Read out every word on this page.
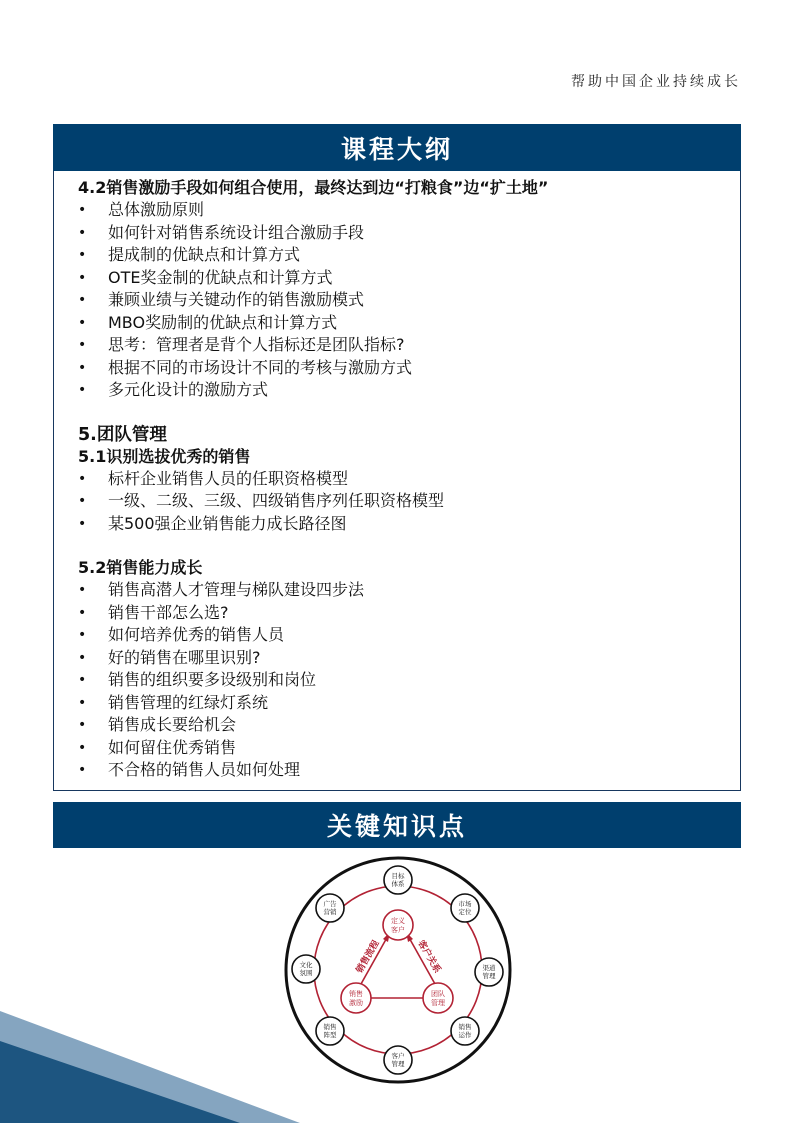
帮助中国企业持续成长
课程大纲
4.2销售激励手段如何组合使用，最终达到边“打粮食”边“扩土地”
• 总体激励原则
• 如何针对销售系统设计组合激励手段
• 提成制的优缺点和计算方式
• OTE奖金制的优缺点和计算方式
• 兼顾业绩与关键动作的销售激励模式
• MBO奖励制的优缺点和计算方式
• 思考：管理者是背个人指标还是团队指标?
• 根据不同的市场设计不同的考核与激励方式
• 多元化设计的激励方式
5.团队管理
5.1识别选拔优秀的销售
• 标杆企业销售人员的任职资格模型
• 一级、二级、三级、四级销售序列任职资格模型
• 某500强企业销售能力成长路径图
5.2销售能力成长
• 销售高潜人才管理与梯队建设四步法
• 销售干部怎么选?
• 如何培养优秀的销售人员
• 好的销售在哪里识别?
• 销售的组织要多设级别和岗位
• 销售管理的红绿灯系统
• 销售成长要给机会
• 如何留住优秀销售
• 不合格的销售人员如何处理
关键知识点
销售流程	客户关系
定义
客户
销售
激励
团队
管理
目标
体系
市场
定位
渠道
管理
销售
运作
客户
管理
销售
阵型
文化
氛围
广告
营销
